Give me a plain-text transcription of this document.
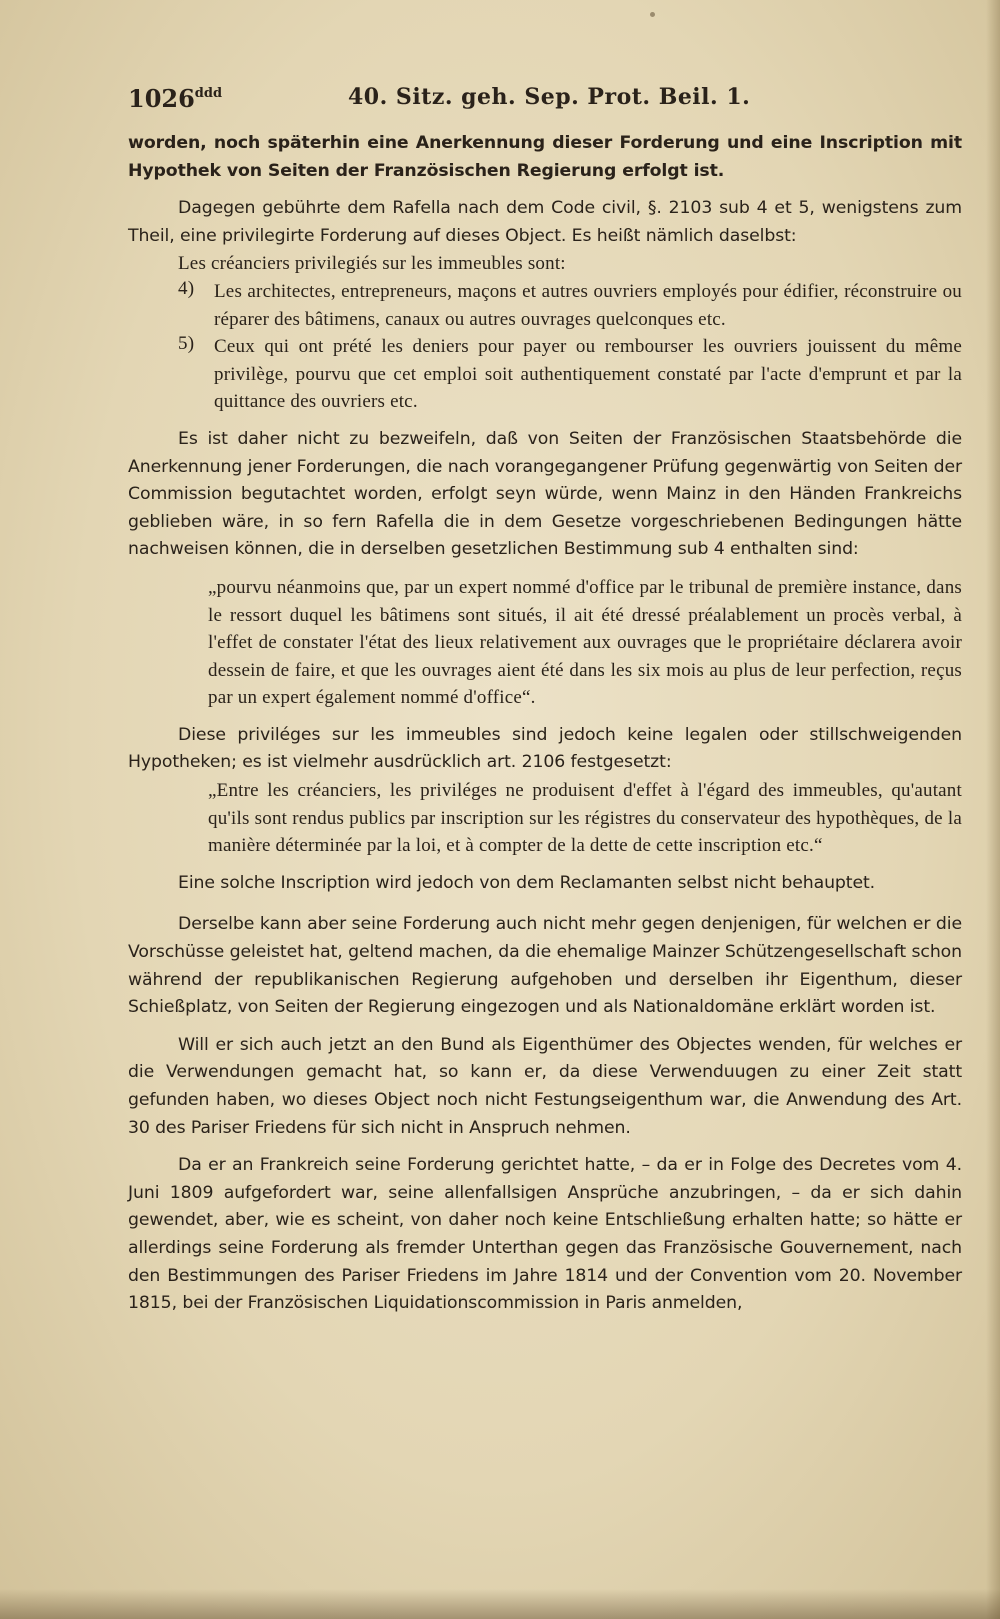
$1026^{ddd}$	40. Sitz. geh. Sep. Prot. Beil. 1.

worden, noch späterhin eine Anerkennung dieser Forderung und eine Inscription mit Hypothek von Seiten der Französischen Regierung erfolgt ist.

Dagegen gebührte dem Rafella nach dem Code civil, §. 2103 sub 4 et 5, wenigstens zum Theil, eine privilegirte Forderung auf dieses Object. Es heißt nämlich daselbst:

Les créanciers privilegiés sur les immeubles sont:

4)	Les architectes, entrepreneurs, maçons et autres ouvriers employés pour édifier, réconstruire ou réparer des bâtimens, canaux ou autres ouvrages quelconques etc.

5)	Ceux qui ont prété les deniers pour payer ou rembourser les ouvriers jouissent du même privilège, pourvu que cet emploi soit authentiquement constaté par l'acte d'emprunt et par la quittance des ouvriers etc.

Es ist daher nicht zu bezweifeln, daß von Seiten der Französischen Staatsbehörde die Anerkennung jener Forderungen, die nach vorangegangener Prüfung gegenwärtig von Seiten der Commission begutachtet worden, erfolgt seyn würde, wenn Mainz in den Händen Frankreichs geblieben wäre, in so fern Rafella die in dem Gesetze vorgeschriebenen Bedingungen hätte nachweisen können, die in derselben gesetzlichen Bestimmung sub 4 enthalten sind:

„pourvu néanmoins que, par un expert nommé d'office par le tribunal de première instance, dans le ressort duquel les bâtimens sont situés, il ait été dressé préalablement un procès verbal, à l'effet de constater l'état des lieux relativement aux ouvrages que le propriétaire déclarera avoir dessein de faire, et que les ouvrages aient été dans les six mois au plus de leur perfection, reçus par un expert également nommé d'office“.

Diese priviléges sur les immeubles sind jedoch keine legalen oder stillschweigenden Hypotheken; es ist vielmehr ausdrücklich art. 2106 festgesetzt:

„Entre les créanciers, les priviléges ne produisent d'effet à l'égard des immeubles, qu'autant qu'ils sont rendus publics par inscription sur les régistres du conservateur des hypothèques, de la manière déterminée par la loi, et à compter de la dette de cette inscription etc.“

Eine solche Inscription wird jedoch von dem Reclamanten selbst nicht behauptet.

Derselbe kann aber seine Forderung auch nicht mehr gegen denjenigen, für welchen er die Vorschüsse geleistet hat, geltend machen, da die ehemalige Mainzer Schützengesellschaft schon während der republikanischen Regierung aufgehoben und derselben ihr Eigenthum, dieser Schießplatz, von Seiten der Regierung eingezogen und als Nationaldomäne erklärt worden ist.

Will er sich auch jetzt an den Bund als Eigenthümer des Objectes wenden, für welches er die Verwendungen gemacht hat, so kann er, da diese Verwenduugen zu einer Zeit statt gefunden haben, wo dieses Object noch nicht Festungseigenthum war, die Anwendung des Art. 30 des Pariser Friedens für sich nicht in Anspruch nehmen.

Da er an Frankreich seine Forderung gerichtet hatte, – da er in Folge des Decretes vom 4. Juni 1809 aufgefordert war, seine allenfallsigen Ansprüche anzubringen, – da er sich dahin gewendet, aber, wie es scheint, von daher noch keine Entschließung erhalten hatte; so hätte er allerdings seine Forderung als fremder Unterthan gegen das Französische Gouvernement, nach den Bestimmungen des Pariser Friedens im Jahre 1814 und der Convention vom 20. November 1815, bei der Französischen Liquidationscommission in Paris anmelden,
